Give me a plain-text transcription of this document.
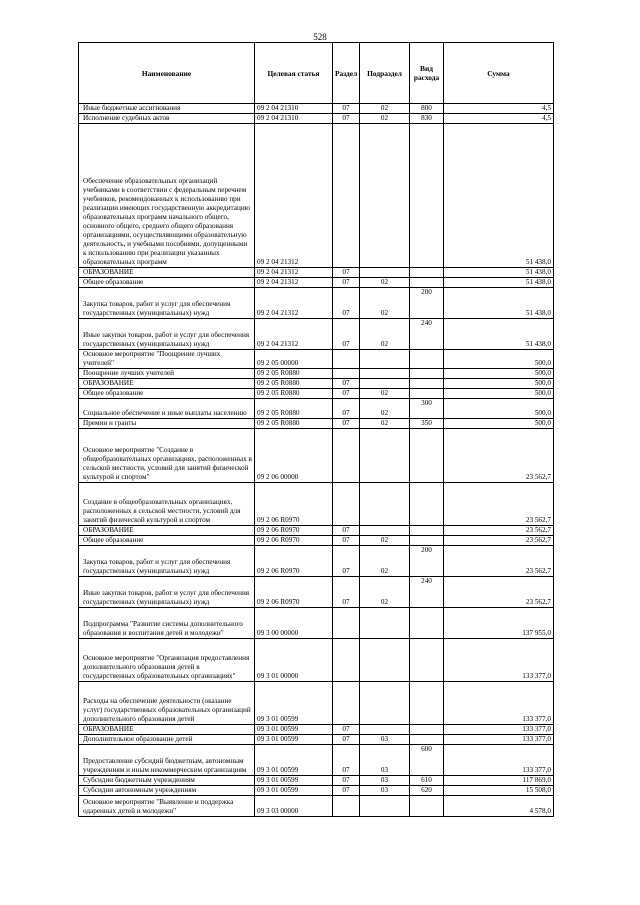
528
Наименование	Целевая статья	Раздел	Подраздел	Вид расхода	Сумма
Иные бюджетные ассигнования	09 2 04 21310	07	02	800	4,5
Исполнение судебных актов	09 2 04 21310	07	02	830	4,5
Обеспечение образовательных организаций учебниками в соответствии с федеральным перечнем учебников, рекомендованных к использованию при реализации имеющих государственную аккредитацию образовательных программ начального общего, основного общего, среднего общего образования организациями, осуществляющими образовательную деятельность, и учебными пособиями, допущенными к использованию при реализации указанных образовательных программ	09 2 04 21312				51 438,0
ОБРАЗОВАНИЕ	09 2 04 21312	07			51 438,0
Общее образование	09 2 04 21312	07	02		51 438,0
Закупка товаров, работ и услуг для обеспечения государственных (муниципальных) нужд	09 2 04 21312	07	02	200	51 438,0
Иные закупки товаров, работ и услуг для обеспечения государственных (муниципальных) нужд	09 2 04 21312	07	02	240	51 438,0
Основное мероприятие "Поощрение лучших учителей"	09 2 05 00000				500,0
Поощрение лучших учителей	09 2 05 R0880				500,0
ОБРАЗОВАНИЕ	09 2 05 R0880	07			500,0
Общее образование	09 2 05 R0880	07	02		500,0
Социальное обеспечение и иные выплаты населению	09 2 05 R0880	07	02	300	500,0
Премии и гранты	09 2 05 R0880	07	02	350	500,0
Основное мероприятие "Создание в общеобразовательных организациях, расположенных в сельской местности, условий для занятий физической культурой и спортом"	09 2 06 00000				23 562,7
Создание в общеобразовательных организациях, расположенных в сельской местности, условий для занятий физической культурой и спортом	09 2 06 R0970				23 562,7
ОБРАЗОВАНИЕ	09 2 06 R0970	07			23 562,7
Общее образование	09 2 06 R0970	07	02		23 562,7
Закупка товаров, работ и услуг для обеспечения государственных (муниципальных) нужд	09 2 06 R0970	07	02	200	23 562,7
Иные закупки товаров, работ и услуг для обеспечения государственных (муниципальных) нужд	09 2 06 R0970	07	02	240	23 562,7
Подпрограмма "Развитие системы дополнительного образования и воспитания детей и молодежи"	09 3 00 00000				137 955,0
Основное мероприятие "Организация предоставления дополнительного образования детей в государственных образовательных организациях"	09 3 01 00000				133 377,0
Расходы на обеспечение деятельности (оказание услуг) государственных образовательных организаций дополнительного образования детей	09 3 01 00599				133 377,0
ОБРАЗОВАНИЕ	09 3 01 00599	07			133 377,0
Дополнительное образование детей	09 3 01 00599	07	03		133 377,0
Предоставление субсидий бюджетным, автономным учреждениям и иным некоммерческим организациям	09 3 01 00599	07	03	600	133 377,0
Субсидии бюджетным учреждениям	09 3 01 00599	07	03	610	117 869,0
Субсидии автономным учреждениям	09 3 01 00599	07	03	620	15 508,0
Основное мероприятие "Выявление и поддержка одаренных детей и молодежи"	09 3 03 00000				4 578,0
